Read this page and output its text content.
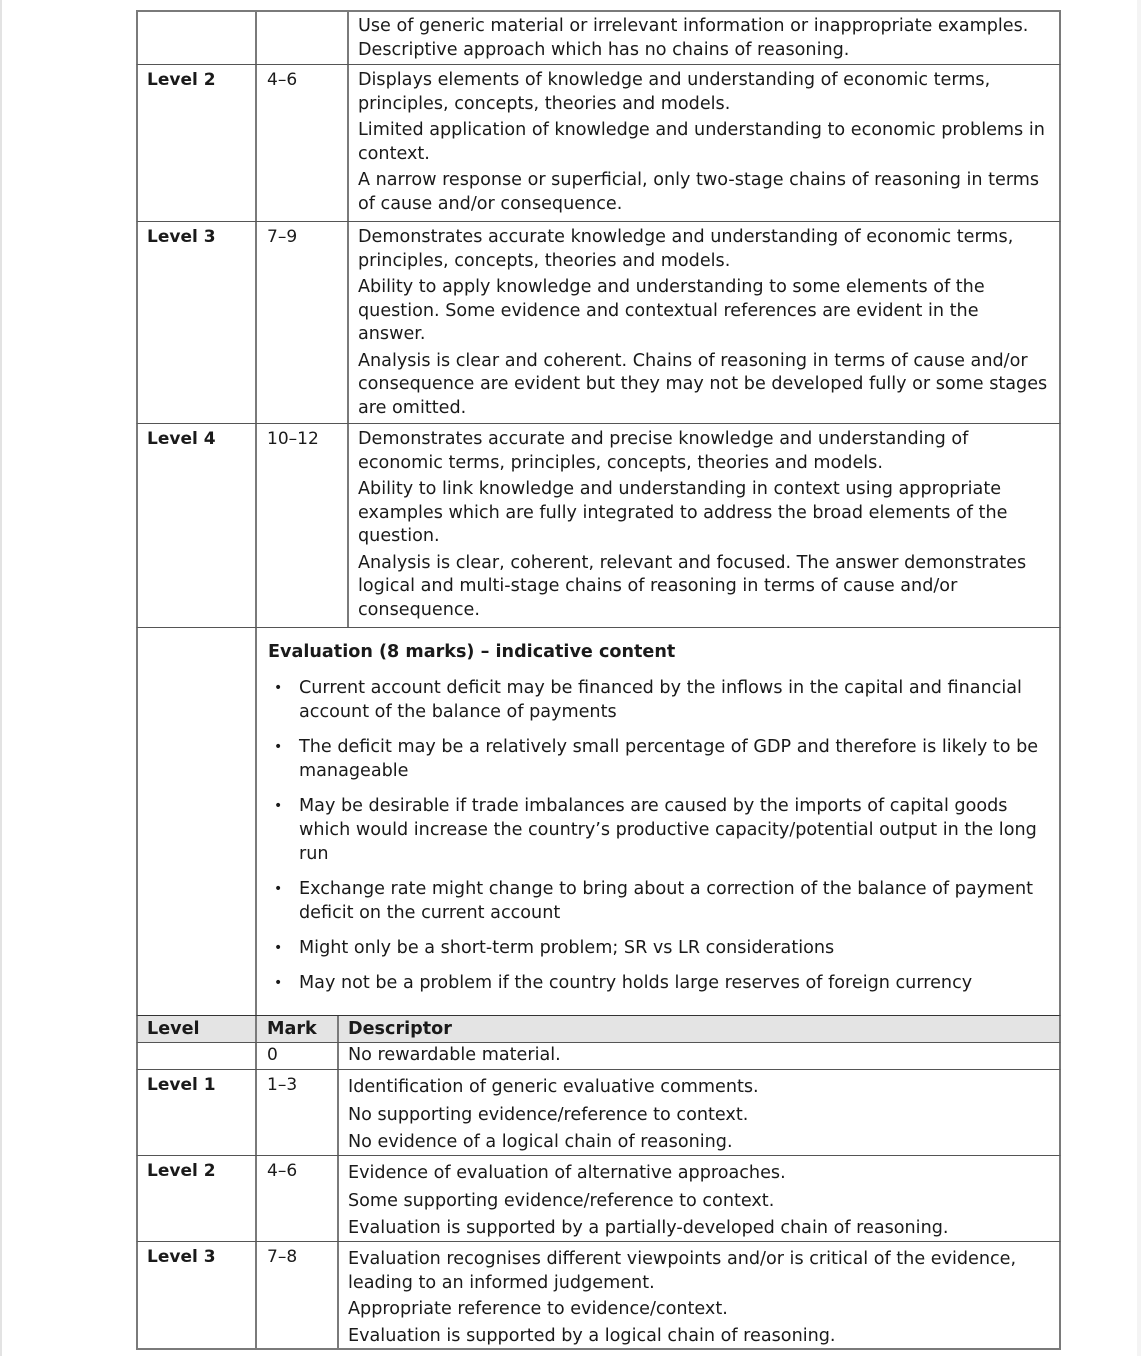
Use of generic material or irrelevant information or inappropriate examples. Descriptive approach which has no chains of reasoning.

Level 2	4–6	Displays elements of knowledge and understanding of economic terms, principles, concepts, theories and models.

Limited application of knowledge and understanding to economic problems in context.

A narrow response or superficial, only two-stage chains of reasoning in terms of cause and/or consequence.

Level 3	7–9	Demonstrates accurate knowledge and understanding of economic terms, principles, concepts, theories and models.

Ability to apply knowledge and understanding to some elements of the question. Some evidence and contextual references are evident in the answer.

Analysis is clear and coherent. Chains of reasoning in terms of cause and/or consequence are evident but they may not be developed fully or some stages are omitted.

Level 4	10–12	Demonstrates accurate and precise knowledge and understanding of economic terms, principles, concepts, theories and models.

Ability to link knowledge and understanding in context using appropriate examples which are fully integrated to address the broad elements of the question.

Analysis is clear, coherent, relevant and focused. The answer demonstrates logical and multi-stage chains of reasoning in terms of cause and/or consequence.

Evaluation (8 marks) – indicative content
• Current account deficit may be financed by the inflows in the capital and financial account of the balance of payments
• The deficit may be a relatively small percentage of GDP and therefore is likely to be manageable
• May be desirable if trade imbalances are caused by the imports of capital goods which would increase the country’s productive capacity/potential output in the long run
• Exchange rate might change to bring about a correction of the balance of payment deficit on the current account
• Might only be a short-term problem; SR vs LR considerations
• May not be a problem if the country holds large reserves of foreign currency
Level	Mark	Descriptor
0	No rewardable material.

Level 1	1–3	Identification of generic evaluative comments.

No supporting evidence/reference to context.

No evidence of a logical chain of reasoning.

Level 2	4–6	Evidence of evaluation of alternative approaches.

Some supporting evidence/reference to context.

Evaluation is supported by a partially-developed chain of reasoning.

Level 3	7–8	Evaluation recognises different viewpoints and/or is critical of the evidence, leading to an informed judgement.

Appropriate reference to evidence/context.

Evaluation is supported by a logical chain of reasoning.
